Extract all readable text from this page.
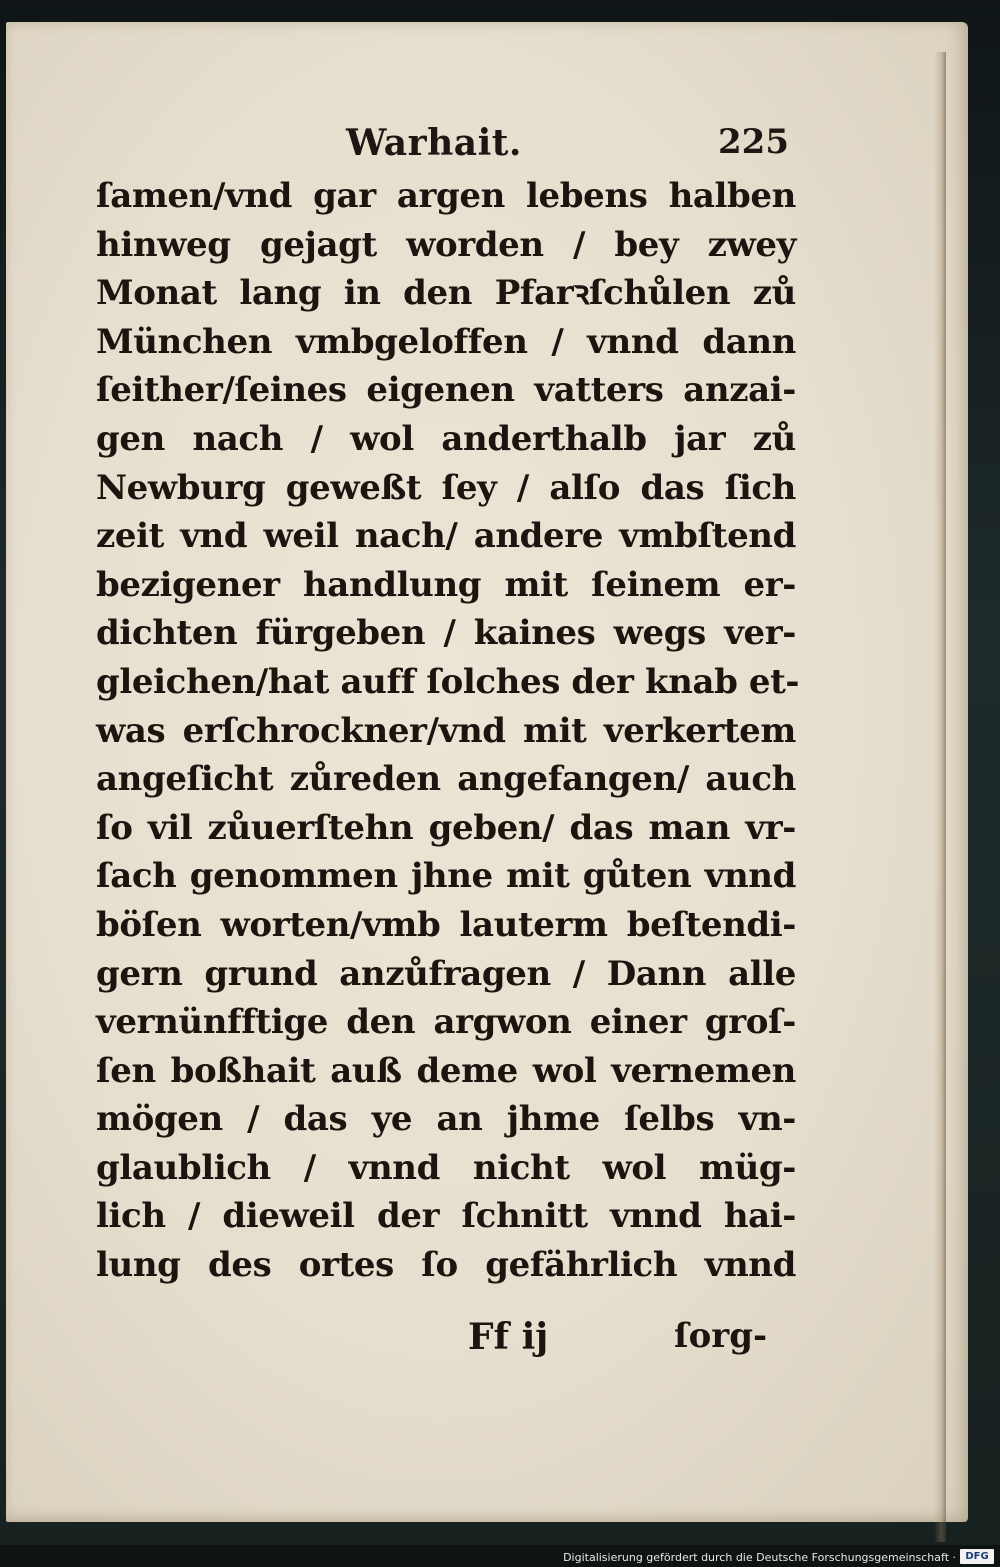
Warhait.	225
ſamen/vnd gar argen lebens halben
hinweg gejagt worden / bey zwey
Monat lang in den Pfarꝛſchůlen zů
München vmbgeloffen / vnnd dann
ſeither/ſeines eigenen vatters anzai-
gen nach / wol anderthalb jar zů
Newburg geweßt ſey / alſo das ſich
zeit vnd weil nach/ andere vmbſtend
bezigener handlung mit ſeinem er-
dichten fürgeben / kaines wegs ver-
gleichen/hat auff ſolches der knab et-
was erſchrockner/vnd mit verkertem
angeſicht zůreden angefangen/ auch
ſo vil zůuerſtehn geben/ das man vr-
ſach genommen jhne mit gůten vnnd
böſen worten/vmb lauterm beſtendi-
gern grund anzůfragen / Dann alle
vernünfftige den argwon einer groſ-
ſen boßhait auß deme wol vernemen
mögen / das ye an jhme ſelbs vn-
glaublich / vnnd nicht wol müg-
lich / dieweil der ſchnitt vnnd hai-
lung des ortes ſo gefährlich vnnd
Ff ij	ſorg-
Digitalisierung gefördert durch die Deutsche Forschungsgemeinschaft · DFG
